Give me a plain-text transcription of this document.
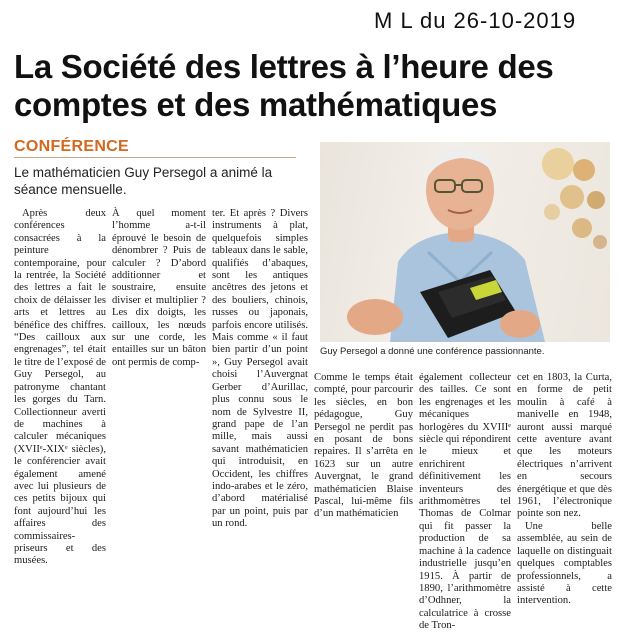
M L du 26-10-2019
La Société des lettres à l’heure des comptes et des mathématiques
CONFÉRENCE
Le mathématicien Guy Persegol a animé la séance mensuelle.
Guy Persegol a donné une conférence passionnante.

Après deux conférences consacrées à la peinture contemporaine, pour la rentrée, la Société des lettres a fait le choix de délaisser les arts et lettres au bénéfice des chiffres. “Des cailloux aux engrenages”, tel était le titre de l’exposé de Guy Persegol, au patronyme chantant les gorges du Tarn. Collectionneur averti de machines à calculer mécaniques (XVIIᵉ-XIXᵉ siècles), le conférencier avait également amené avec lui plusieurs de ces petits bijoux qui font aujourd’hui les affaires des commissaires-priseurs et des musées.

À quel moment l’homme a-t-il éprouvé le besoin de dénombrer ? Puis de calculer ? D’abord additionner et soustraire, ensuite diviser et multiplier ? Les dix doigts, les cailloux, les nœuds sur une corde, les entailles sur un bâton ont permis de comp-

ter. Et après ? Divers instruments à plat, quelquefois simples tableaux dans le sable, qualifiés d’abaques, sont les antiques ancêtres des jetons et des bouliers, chinois, russes ou japonais, parfois encore utilisés. Mais comme « il faut bien partir d’un point », Guy Persegol avait choisi l’Auvergnat Gerber d’Aurillac, plus connu sous le nom de Sylvestre II, grand pape de l’an mille, mais aussi savant mathématicien qui introduisit, en Occident, les chiffres indo-arabes et le zéro, d’abord matérialisé par un point, puis par un rond.

Comme le temps était compté, pour parcourir les siècles, en bon pédagogue, Guy Persegol ne perdit pas en posant de bons repaires. Il s’arrêta en 1623 sur un autre Auvergnat, le grand mathématicien Blaise Pascal, lui-même fils d’un mathématicien

également collecteur des tailles. Ce sont les engrenages et les mécaniques horlogères du XVIIIᵉ siècle qui répondirent le mieux et enrichirent définitivement les inventeurs des arithmomètres tel Thomas de Colmar qui fit passer la production de sa machine à la cadence industrielle jusqu’en 1915. À partir de 1890, l’arithmomètre d’Odhner, la calculatrice à crosse de Tron-

cet en 1803, la Curta, en forme de petit moulin à café à manivelle en 1948, auront aussi marqué cette aventure avant que les moteurs électriques n’arrivent en secours énergétique et que dès 1961, l’électronique pointe son nez.

Une belle assemblée, au sein de laquelle on distinguait quelques comptables professionnels, a assisté à cette intervention.
